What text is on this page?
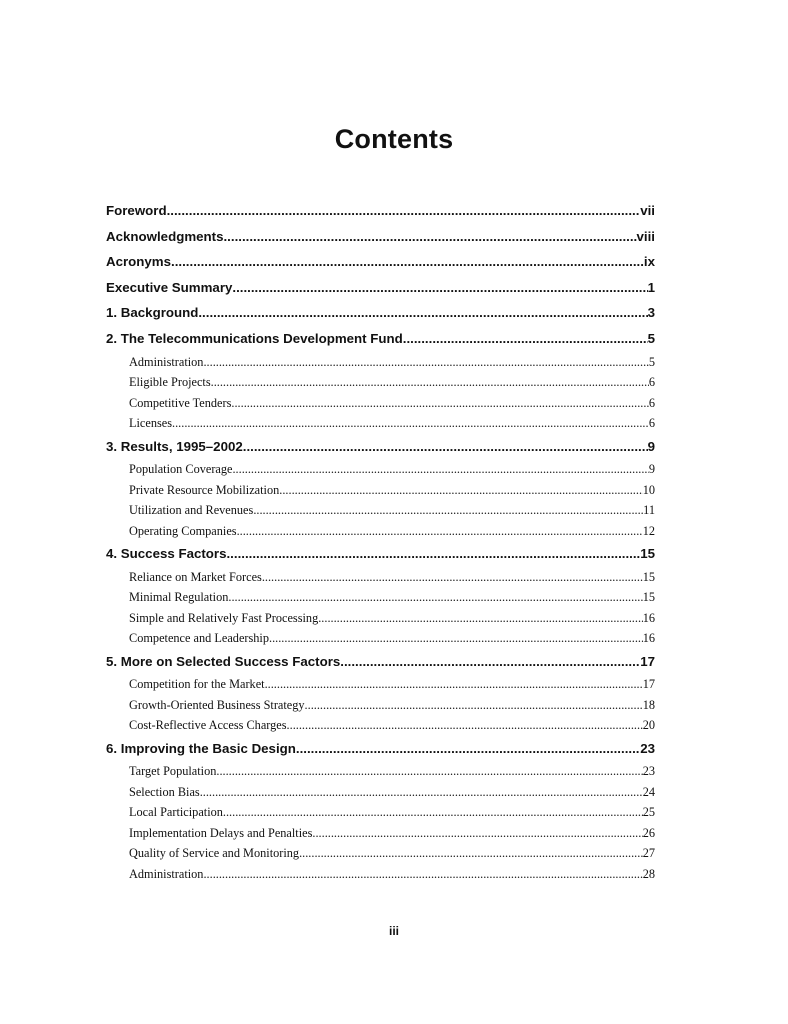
Contents
Foreword .....	vii
Acknowledgments .....	viii
Acronyms .....	ix
Executive Summary .....	1
1. Background .....	3
2. The Telecommunications Development Fund .....	5
Administration .....	5
Eligible Projects .....	6
Competitive Tenders .....	6
Licenses .....	6
3. Results, 1995–2002 .....	9
Population Coverage .....	9
Private Resource Mobilization .....	10
Utilization and Revenues .....	11
Operating Companies .....	12
4. Success Factors .....	15
Reliance on Market Forces .....	15
Minimal Regulation .....	15
Simple and Relatively Fast Processing .....	16
Competence and Leadership .....	16
5. More on Selected Success Factors .....	17
Competition for the Market .....	17
Growth-Oriented Business Strategy .....	18
Cost-Reflective Access Charges .....	20
6. Improving the Basic Design .....	23
Target Population .....	23
Selection Bias .....	24
Local Participation .....	25
Implementation Delays and Penalties .....	26
Quality of Service and Monitoring .....	27
Administration .....	28
iii
